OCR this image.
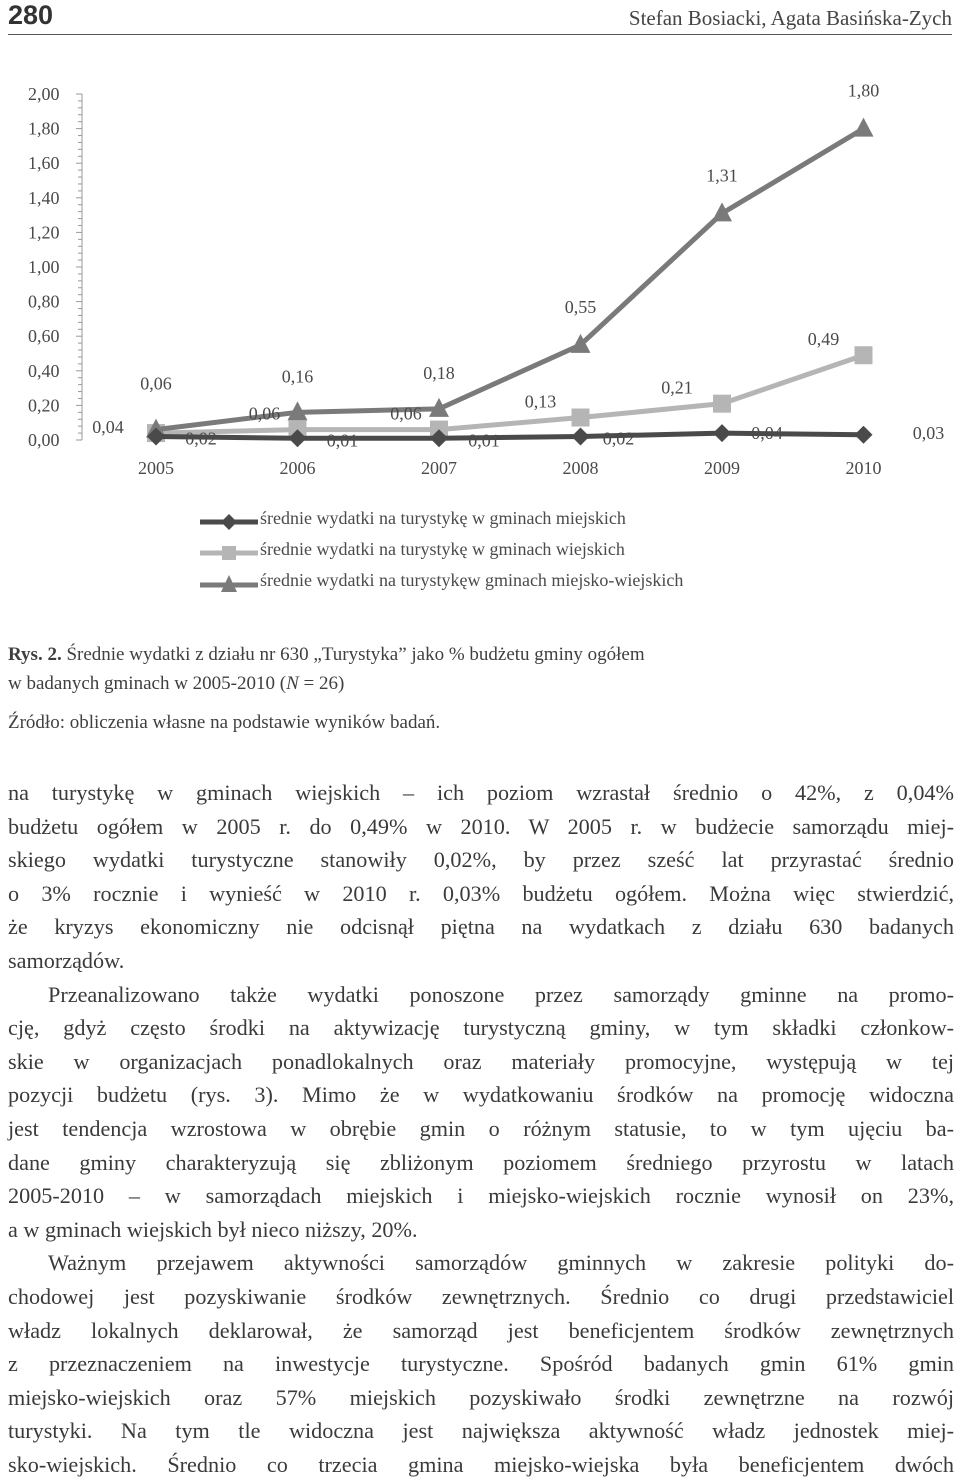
280	Stefan Bosiacki, Agata Basińska-Zych
2,00
1,80
1,60
1,40
1,20
1,00
0,80
0,60
0,40
0,20
0,00
2005	2006	2007	2008	2009	2010
0,02	0,01	0,01	0,02	0,04	0,03
0,04
0,06	0,06
0,13
0,21
0,49
0,06	0,16	0,18
0,55
1,31
1,80
średnie wydatki na turystykę w gminach miejskich
średnie wydatki na turystykę w gminach wiejskich
średnie wydatki na turystykęw gminach miejsko-wiejskich
Rys. 2. Średnie wydatki z działu nr 630 „Turystyka” jako % budżetu gminy ogółem
w badanych gminach w 2005-2010 (N = 26)
Źródło: obliczenia własne na podstawie wyników badań.

na turystykę w gminach wiejskich – ich poziom wzrastał średnio o 42%, z 0,04%
budżetu ogółem w 2005 r. do 0,49% w 2010. W 2005 r. w budżecie samorządu miej-
skiego wydatki turystyczne stanowiły 0,02%, by przez sześć lat przyrastać średnio
o 3% rocznie i wynieść w 2010 r. 0,03% budżetu ogółem. Można więc stwierdzić,
że kryzys ekonomiczny nie odcisnął piętna na wydatkach z działu 630 badanych
samorządów.

Przeanalizowano także wydatki ponoszone przez samorządy gminne na promo-
cję, gdyż często środki na aktywizację turystyczną gminy, w tym składki członkow-
skie w organizacjach ponadlokalnych oraz materiały promocyjne, występują w tej
pozycji budżetu (rys. 3). Mimo że w wydatkowaniu środków na promocję widoczna
jest tendencja wzrostowa w obrębie gmin o różnym statusie, to w tym ujęciu ba-
dane gminy charakteryzują się zbliżonym poziomem średniego przyrostu w latach
2005-2010 – w samorządach miejskich i miejsko-wiejskich rocznie wynosił on 23%,
a w gminach wiejskich był nieco niższy, 20%.

Ważnym przejawem aktywności samorządów gminnych w zakresie polityki do-
chodowej jest pozyskiwanie środków zewnętrznych. Średnio co drugi przedstawiciel
władz lokalnych deklarował, że samorząd jest beneficjentem środków zewnętrznych
z przeznaczeniem na inwestycje turystyczne. Spośród badanych gmin 61% gmin
miejsko-wiejskich oraz 57% miejskich pozyskiwało środki zewnętrzne na rozwój
turystyki. Na tym tle widoczna jest największa aktywność władz jednostek miej-
sko-wiejskich. Średnio co trzecia gmina miejsko-wiejska była beneficjentem dwóch
